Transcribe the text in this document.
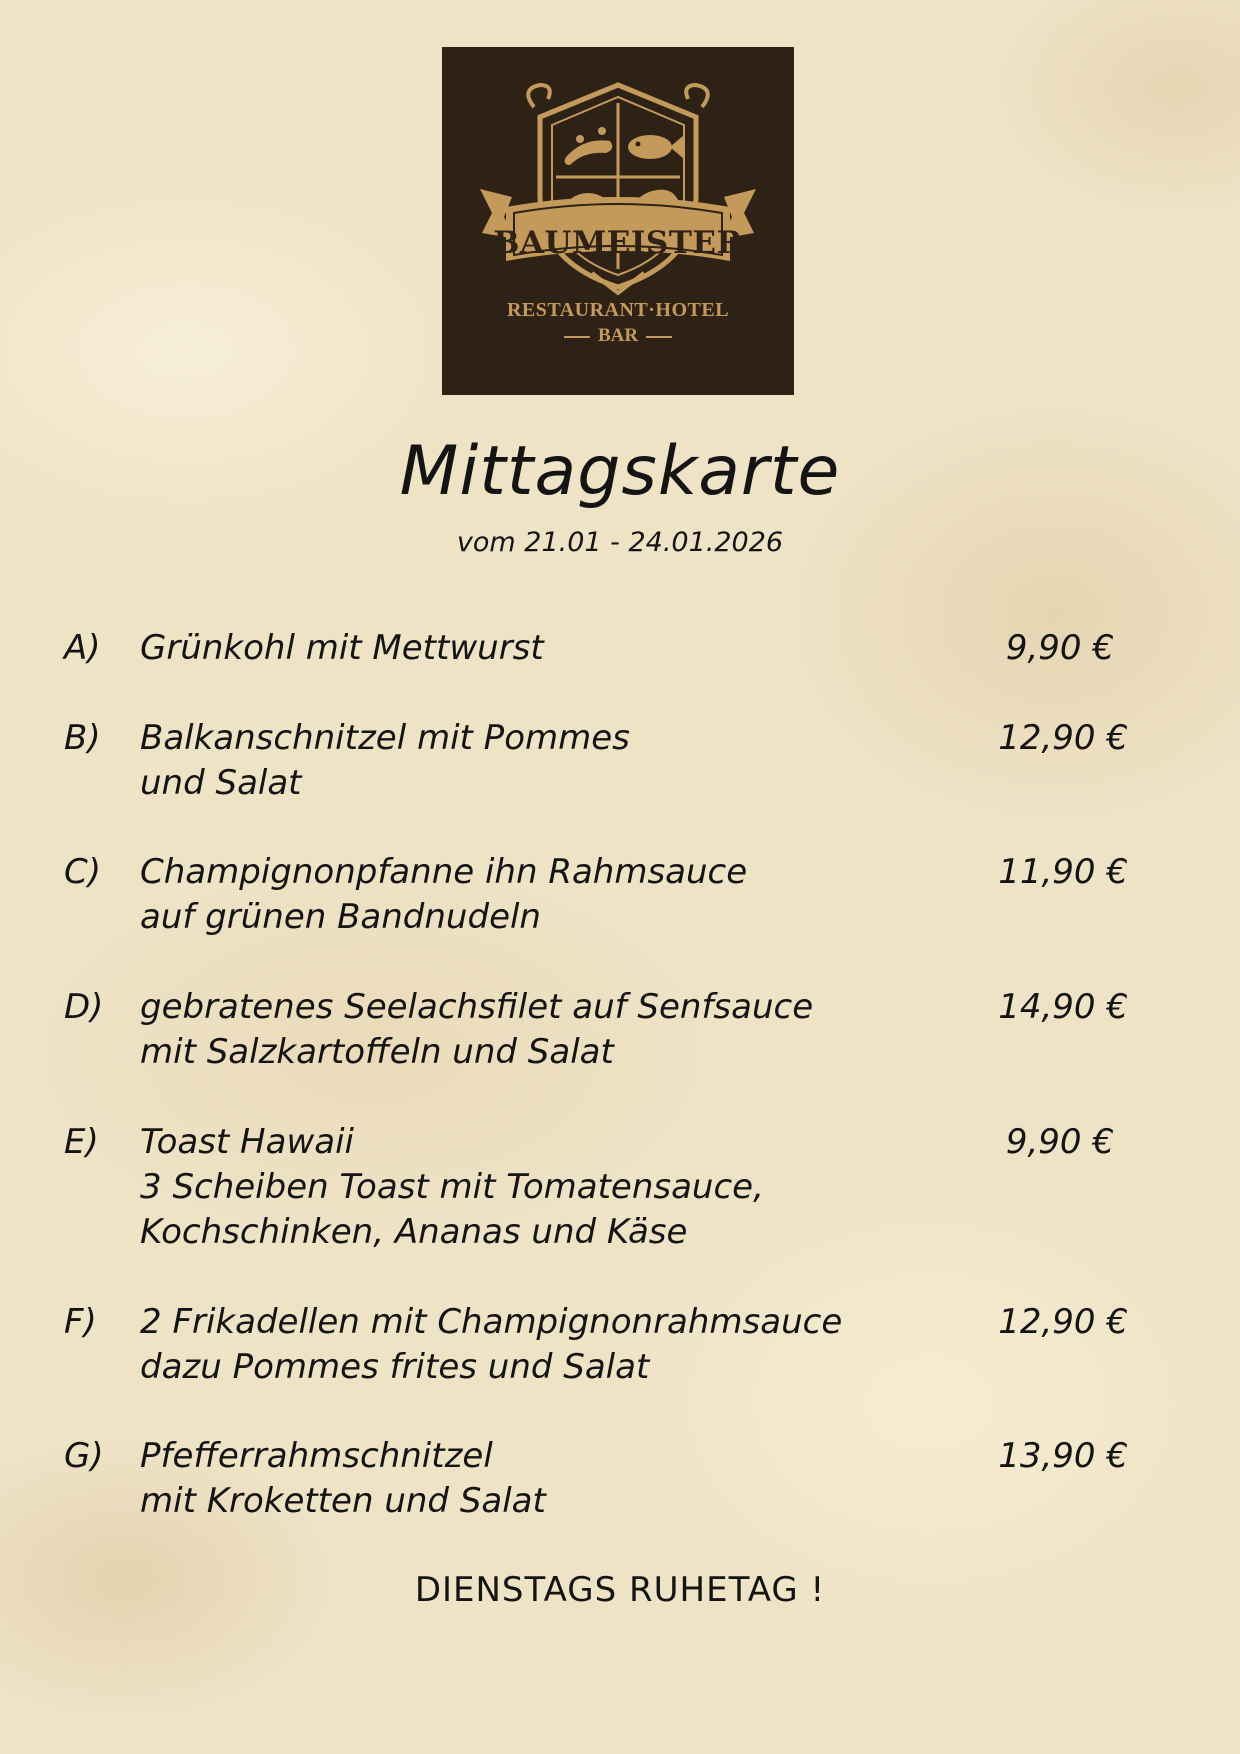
BAUMEISTER
RESTAURANT·HOTEL
BAR
Mittagskarte
vom 21.01 - 24.01.2026
A) Grünkohl mit Mettwurst	9,90 €
B) Balkanschnitzel mit Pommes
und Salat
12,90 €
C) Champignonpfanne ihn Rahmsauce
auf grünen Bandnudeln
11,90 €
D) gebratenes Seelachsfilet auf Senfsauce
mit Salzkartoffeln und Salat
14,90 €
E) Toast Hawaii
3 Scheiben Toast mit Tomatensauce,
Kochschinken, Ananas und Käse
9,90 €
F) 2 Frikadellen mit Champignonrahmsauce
dazu Pommes frites und Salat
12,90 €
G) Pfefferrahmschnitzel
mit Kroketten und Salat
13,90 €
DIENSTAGS RUHETAG !
